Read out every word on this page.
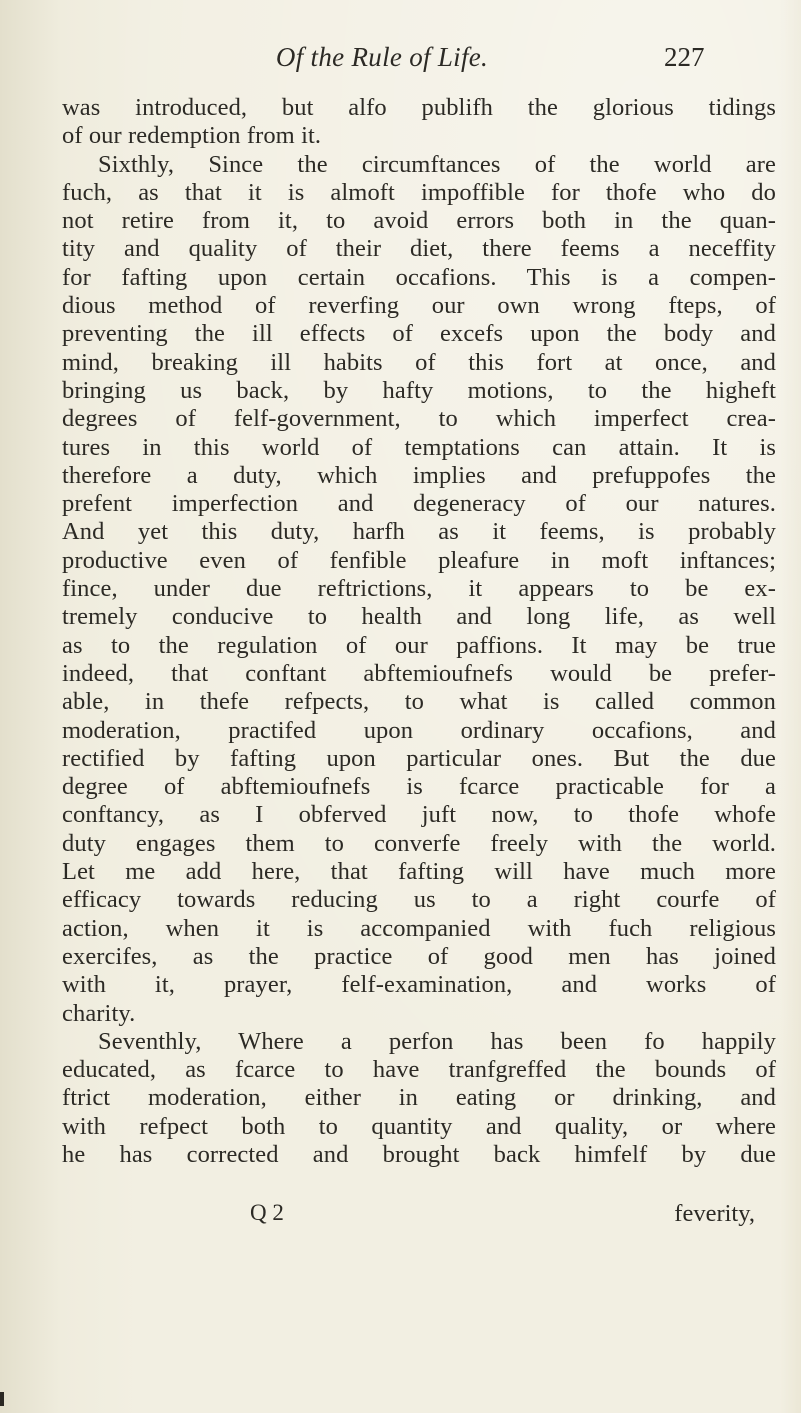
Of the Rule of Life.	227
was introduced, but alfo publifh the glorious tidings
of our redemption from it.
Sixthly, Since the circumftances of the world are
fuch, as that it is almoft impoffible for thofe who do
not retire from it, to avoid errors both in the quan-
tity and quality of their diet, there feems a neceffity
for fafting upon certain occafions. This is a compen-
dious method of reverfing our own wrong fteps, of
preventing the ill effects of excefs upon the body and
mind, breaking ill habits of this fort at once, and
bringing us back, by hafty motions, to the higheft
degrees of felf-government, to which imperfect crea-
tures in this world of temptations can attain. It is
therefore a duty, which implies and prefuppofes the
prefent imperfection and degeneracy of our natures.
And yet this duty, harfh as it feems, is probably
productive even of fenfible pleafure in moft inftances;
fince, under due reftrictions, it appears to be ex-
tremely conducive to health and long life, as well
as to the regulation of our paffions. It may be true
indeed, that conftant abftemioufnefs would be prefer-
able, in thefe refpects, to what is called common
moderation, practifed upon ordinary occafions, and
rectified by fafting upon particular ones. But the due
degree of abftemioufnefs is fcarce practicable for a
conftancy, as I obferved juft now, to thofe whofe
duty engages them to converfe freely with the world.
Let me add here, that fafting will have much more
efficacy towards reducing us to a right courfe of
action, when it is accompanied with fuch religious
exercifes, as the practice of good men has joined
with it, prayer, felf-examination, and works of
charity.
Seventhly, Where a perfon has been fo happily
educated, as fcarce to have tranfgreffed the bounds of
ftrict moderation, either in eating or drinking, and
with refpect both to quantity and quality, or where
he has corrected and brought back himfelf by due
Q 2	feverity,
